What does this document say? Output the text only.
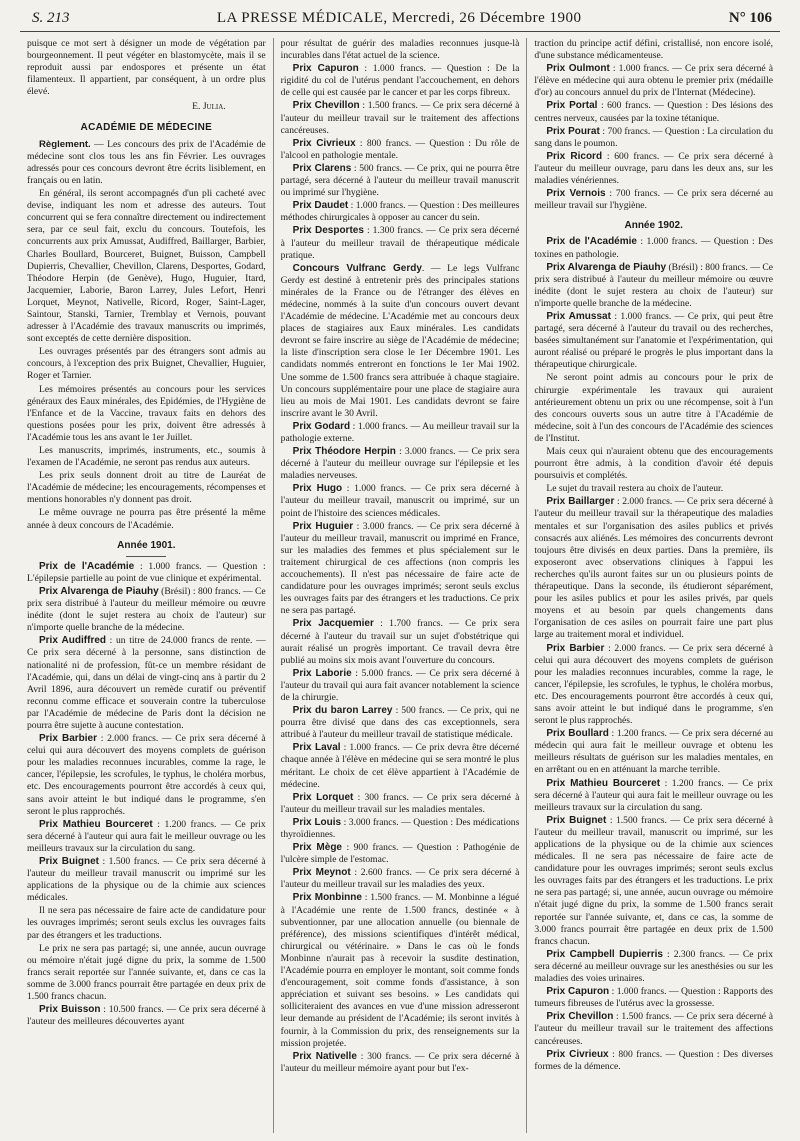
S. 213	LA PRESSE MÉDICALE, Mercredi, 26 Décembre 1900	N° 106

puisque ce mot sert à désigner un mode de végétation par bourgeonnement. Il peut végéter en blastomycète, mais il se reproduit aussi par endospores et présente un état filamenteux. Il appartient, par conséquent, à un ordre plus élevé.

E. Julia.
ACADÉMIE DE MÉDECINE

Règlement. — Les concours des prix de l'Académie de médecine sont clos tous les ans fin Février. Les ouvrages adressés pour ces concours devront être écrits lisiblement, en français ou en latin.

En général, ils seront accompagnés d'un pli cacheté avec devise, indiquant les nom et adresse des auteurs. Tout concurrent qui se fera connaître directement ou indirectement sera, par ce seul fait, exclu du concours. Toutefois, les concurrents aux prix Amussat, Audiffred, Baillarger, Barbier, Charles Boullard, Bourceret, Buignet, Buisson, Campbell Dupierris, Chevallier, Chevillon, Clarens, Desportes, Godard, Théodore Herpin (de Genève), Hugo, Huguier, Itard, Jacquemier, Laborie, Baron Larrey, Jules Lefort, Henri Lorquet, Meynot, Nativelle, Ricord, Roger, Saint-Lager, Saintour, Stanski, Tarnier, Tremblay et Vernois, pouvant adresser à l'Académie des travaux manuscrits ou imprimés, sont exceptés de cette dernière disposition.

Les ouvrages présentés par des étrangers sont admis au concours, à l'exception des prix Buignet, Chevallier, Huguier, Roger et Tarnier.

Les mémoires présentés au concours pour les services généraux des Eaux minérales, des Epidémies, de l'Hygiène de l'Enfance et de la Vaccine, travaux faits en dehors des questions posées pour les prix, doivent être adressés à l'Académie tous les ans avant le 1er Juillet.

Les manuscrits, imprimés, instruments, etc., soumis à l'examen de l'Académie, ne seront pas rendus aux auteurs.

Les prix seuls donnent droit au titre de Lauréat de l'Académie de médecine; les encouragements, récompenses et mentions honorables n'y donnent pas droit.

Le même ouvrage ne pourra pas être présenté la même année à deux concours de l'Académie.

Année 1901.

Prix de l'Académie : 1.000 francs. — Question : L'épilepsie partielle au point de vue clinique et expérimental.

Prix Alvarenga de Piauhy (Brésil) : 800 francs. — Ce prix sera distribué à l'auteur du meilleur mémoire ou œuvre inédite (dont le sujet restera au choix de l'auteur) sur n'importe quelle branche de la médecine.

Prix Audiffred : un titre de 24.000 francs de rente. — Ce prix sera décerné à la personne, sans distinction de nationalité ni de profession, fût-ce un membre résidant de l'Académie, qui, dans un délai de vingt-cinq ans à partir du 2 Avril 1896, aura découvert un remède curatif ou préventif reconnu comme efficace et souverain contre la tuberculose par l'Académie de médecine de Paris dont la décision ne pourra être sujette à aucune contestation.

Prix Barbier : 2.000 francs. — Ce prix sera décerné à celui qui aura découvert des moyens complets de guérison pour les maladies reconnues incurables, comme la rage, le cancer, l'épilepsie, les scrofules, le typhus, le choléra morbus, etc. Des encouragements pourront être accordés à ceux qui, sans avoir atteint le but indiqué dans le programme, s'en seront le plus rapprochés.

Prix Mathieu Bourceret : 1.200 francs. — Ce prix sera décerné à l'auteur qui aura fait le meilleur ouvrage ou les meilleurs travaux sur la circulation du sang.

Prix Buignet : 1.500 francs. — Ce prix sera décerné à l'auteur du meilleur travail manuscrit ou imprimé sur les applications de la physique ou de la chimie aux sciences médicales.

Il ne sera pas nécessaire de faire acte de candidature pour les ouvrages imprimés; seront seuls exclus les ouvrages faits par des étrangers et les traductions.

Le prix ne sera pas partagé; si, une année, aucun ouvrage ou mémoire n'était jugé digne du prix, la somme de 1.500 francs serait reportée sur l'année suivante, et, dans ce cas la somme de 3.000 francs pourrait être partagée en deux prix de 1.500 francs chacun.

Prix Buisson : 10.500 francs. — Ce prix sera décerné à l'auteur des meilleures découvertes ayant

pour résultat de guérir des maladies reconnues jusque-là incurables dans l'état actuel de la science.

Prix Capuron : 1.000 francs. — Question : De la rigidité du col de l'utérus pendant l'accouchement, en dehors de celle qui est causée par le cancer et par les corps fibreux.

Prix Chevillon : 1.500 francs. — Ce prix sera décerné à l'auteur du meilleur travail sur le traitement des affections cancéreuses.

Prix Civrieux : 800 francs. — Question : Du rôle de l'alcool en pathologie mentale.

Prix Clarens : 500 francs. — Ce prix, qui ne pourra être partagé, sera décerné à l'auteur du meilleur travail manuscrit ou imprimé sur l'hygiène.

Prix Daudet : 1.000 francs. — Question : Des meilleures méthodes chirurgicales à opposer au cancer du sein.

Prix Desportes : 1.300 francs. — Ce prix sera décerné à l'auteur du meilleur travail de thérapeutique médicale pratique.

Concours Vulfranc Gerdy. — Le legs Vulfranc Gerdy est destiné à entretenir près des principales stations minérales de la France ou de l'étranger des élèves en médecine, nommés à la suite d'un concours ouvert devant l'Académie de médecine. L'Académie met au concours deux places de stagiaires aux Eaux minérales. Les candidats devront se faire inscrire au siège de l'Académie de médecine; la liste d'inscription sera close le 1er Décembre 1901. Les candidats nommés entreront en fonctions le 1er Mai 1902. Une somme de 1.500 francs sera attribuée à chaque stagiaire. Un concours supplémentaire pour une place de stagiaire aura lieu au mois de Mai 1901. Les candidats devront se faire inscrire avant le 30 Avril.

Prix Godard : 1.000 francs. — Au meilleur travail sur la pathologie externe.

Prix Théodore Herpin : 3.000 francs. — Ce prix sera décerné à l'auteur du meilleur ouvrage sur l'épilepsie et les maladies nerveuses.

Prix Hugo : 1.000 francs. — Ce prix sera décerné à l'auteur du meilleur travail, manuscrit ou imprimé, sur un point de l'histoire des sciences médicales.

Prix Huguier : 3.000 francs. — Ce prix sera décerné à l'auteur du meilleur travail, manuscrit ou imprimé en France, sur les maladies des femmes et plus spécialement sur le traitement chirurgical de ces affections (non compris les accouchements). Il n'est pas nécessaire de faire acte de candidature pour les ouvrages imprimés; seront seuls exclus les ouvrages faits par des étrangers et les traductions. Ce prix ne sera pas partagé.

Prix Jacquemier : 1.700 francs. — Ce prix sera décerné à l'auteur du travail sur un sujet d'obstétrique qui aurait réalisé un progrès important. Ce travail devra être publié au moins six mois avant l'ouverture du concours.

Prix Laborie : 5.000 francs. — Ce prix sera décerné à l'auteur du travail qui aura fait avancer notablement la science de la chirurgie.

Prix du baron Larrey : 500 francs. — Ce prix, qui ne pourra être divisé que dans des cas exceptionnels, sera attribué à l'auteur du meilleur travail de statistique médicale.

Prix Laval : 1.000 francs. — Ce prix devra être décerné chaque année à l'élève en médecine qui se sera montré le plus méritant. Le choix de cet élève appartient à l'Académie de médecine.

Prix Lorquet : 300 francs. — Ce prix sera décerné à l'auteur du meilleur travail sur les maladies mentales.

Prix Louis : 3.000 francs. — Question : Des médications thyroïdiennes.

Prix Mège : 900 francs. — Question : Pathogénie de l'ulcère simple de l'estomac.

Prix Meynot : 2.600 francs. — Ce prix sera décerné à l'auteur du meilleur travail sur les maladies des yeux.

Prix Monbinne : 1.500 francs. — M. Monbinne a légué à l'Académie une rente de 1.500 francs, destinée « à subventionner, par une allocation annuelle (ou biennale de préférence), des missions scientifiques d'intérêt médical, chirurgical ou vétérinaire. » Dans le cas où le fonds Monbinne n'aurait pas à recevoir la susdite destination, l'Académie pourra en employer le montant, soit comme fonds d'encouragement, soit comme fonds d'assistance, à son appréciation et suivant ses besoins. » Les candidats qui solliciteraient des avances en vue d'une mission adresseront leur demande au président de l'Académie; ils seront invités à fournir, à la Commission du prix, des renseignements sur la mission projetée.

Prix Nativelle : 300 francs. — Ce prix sera décerné à l'auteur du meilleur mémoire ayant pour but l'ex-

traction du principe actif défini, cristallisé, non encore isolé, d'une substance médicamenteuse.

Prix Oulmont : 1.000 francs. — Ce prix sera décerné à l'élève en médecine qui aura obtenu le premier prix (médaille d'or) au concours annuel du prix de l'Internat (Médecine).

Prix Portal : 600 francs. — Question : Des lésions des centres nerveux, causées par la toxine tétanique.

Prix Pourat : 700 francs. — Question : La circulation du sang dans le poumon.

Prix Ricord : 600 francs. — Ce prix sera décerné à l'auteur du meilleur ouvrage, paru dans les deux ans, sur les maladies vénériennes.

Prix Vernois : 700 francs. — Ce prix sera décerné au meilleur travail sur l'hygiène.

Année 1902.

Prix de l'Académie : 1.000 francs. — Question : Des toxines en pathologie.

Prix Alvarenga de Piauhy (Brésil) : 800 francs. — Ce prix sera distribué à l'auteur du meilleur mémoire ou œuvre inédite (dont le sujet restera au choix de l'auteur) sur n'importe quelle branche de la médecine.

Prix Amussat : 1.000 francs. — Ce prix, qui peut être partagé, sera décerné à l'auteur du travail ou des recherches, basées simultanément sur l'anatomie et l'expérimentation, qui auront réalisé ou préparé le progrès le plus important dans la thérapeutique chirurgicale.

Ne seront point admis au concours pour le prix de chirurgie expérimentale les travaux qui auraient antérieurement obtenu un prix ou une récompense, soit à l'un des concours ouverts sous un autre titre à l'Académie de médecine, soit à l'un des concours de l'Académie des sciences de l'Institut.

Mais ceux qui n'auraient obtenu que des encouragements pourront être admis, à la condition d'avoir été depuis poursuivis et complétés.

Le sujet du travail restera au choix de l'auteur.

Prix Baillarger : 2.000 francs. — Ce prix sera décerné à l'auteur du meilleur travail sur la thérapeutique des maladies mentales et sur l'organisation des asiles publics et privés consacrés aux aliénés. Les mémoires des concurrents devront toujours être divisés en deux parties. Dans la première, ils exposeront avec observations cliniques à l'appui les recherches qu'ils auront faites sur un ou plusieurs points de thérapeutique. Dans la seconde, ils étudieront séparément, pour les asiles publics et pour les asiles privés, par quels moyens et au besoin par quels changements dans l'organisation de ces asiles on pourrait faire une part plus large au traitement moral et individuel.

Prix Barbier : 2.000 francs. — Ce prix sera décerné à celui qui aura découvert des moyens complets de guérison pour les maladies reconnues incurables, comme la rage, le cancer, l'épilepsie, les scrofules, le typhus, le choléra morbus, etc. Des encouragements pourront être accordés à ceux qui, sans avoir atteint le but indiqué dans le programme, s'en seront le plus rapprochés.

Prix Boullard : 1.200 francs. — Ce prix sera décerné au médecin qui aura fait le meilleur ouvrage et obtenu les meilleurs résultats de guérison sur les maladies mentales, en en arrêtant ou en en atténuant la marche terrible.

Prix Mathieu Bourceret : 1.200 francs. — Ce prix sera décerné à l'auteur qui aura fait le meilleur ouvrage ou les meilleurs travaux sur la circulation du sang.

Prix Buignet : 1.500 francs. — Ce prix sera décerné à l'auteur du meilleur travail, manuscrit ou imprimé, sur les applications de la physique ou de la chimie aux sciences médicales. Il ne sera pas nécessaire de faire acte de candidature pour les ouvrages imprimés; seront seuls exclus les ouvrages faits par des étrangers et les traductions. Le prix ne sera pas partagé; si, une année, aucun ouvrage ou mémoire n'était jugé digne du prix, la somme de 1.500 francs serait reportée sur l'année suivante, et, dans ce cas, la somme de 3.000 francs pourrait être partagée en deux prix de 1.500 francs chacun.

Prix Campbell Dupierris : 2.300 francs. — Ce prix sera décerné au meilleur ouvrage sur les anesthésies ou sur les maladies des voies urinaires.

Prix Capuron : 1.000 francs. — Question : Rapports des tumeurs fibreuses de l'utérus avec la grossesse.

Prix Chevillon : 1.500 francs. — Ce prix sera décerné à l'auteur du meilleur travail sur le traitement des affections cancéreuses.

Prix Civrieux : 800 francs. — Question : Des diverses formes de la démence.
